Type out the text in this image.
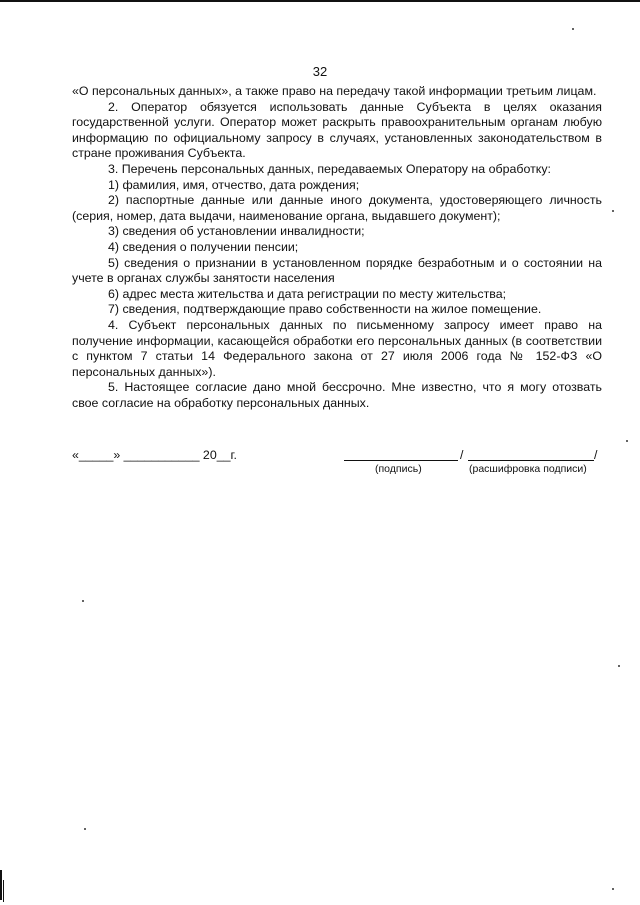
32

«О персональных данных», а также право на передачу такой информации третьим лицам.

2. Оператор обязуется использовать данные Субъекта в целях оказания государственной услуги. Оператор может раскрыть правоохранительным органам любую информацию по официальному запросу в случаях, установленных законодательством в стране проживания Субъекта.

3. Перечень персональных данных, передаваемых Оператору на обработку:

1) фамилия, имя, отчество, дата рождения;

2) паспортные данные или данные иного документа, удостоверяющего личность (серия, номер, дата выдачи, наименование органа, выдавшего документ);

3) сведения об установлении инвалидности;

4) сведения о получении пенсии;

5) сведения о признании в установленном порядке безработным и о состоянии на учете в органах службы занятости населения

6) адрес места жительства и дата регистрации по месту жительства;

7) сведения, подтверждающие право собственности на жилое помещение.

4. Субъект персональных данных по письменному запросу имеет право на получение информации, касающейся обработки его персональных данных (в соответствии с пунктом 7 статьи 14 Федерального закона от 27 июля 2006 года № 152-ФЗ «О персональных данных»).

5. Настоящее согласие дано мной бессрочно. Мне известно, что я могу отозвать свое согласие на обработку персональных данных.

«_____» ___________ 20__г.	/	/
(подпись)	(расшифровка подписи)
